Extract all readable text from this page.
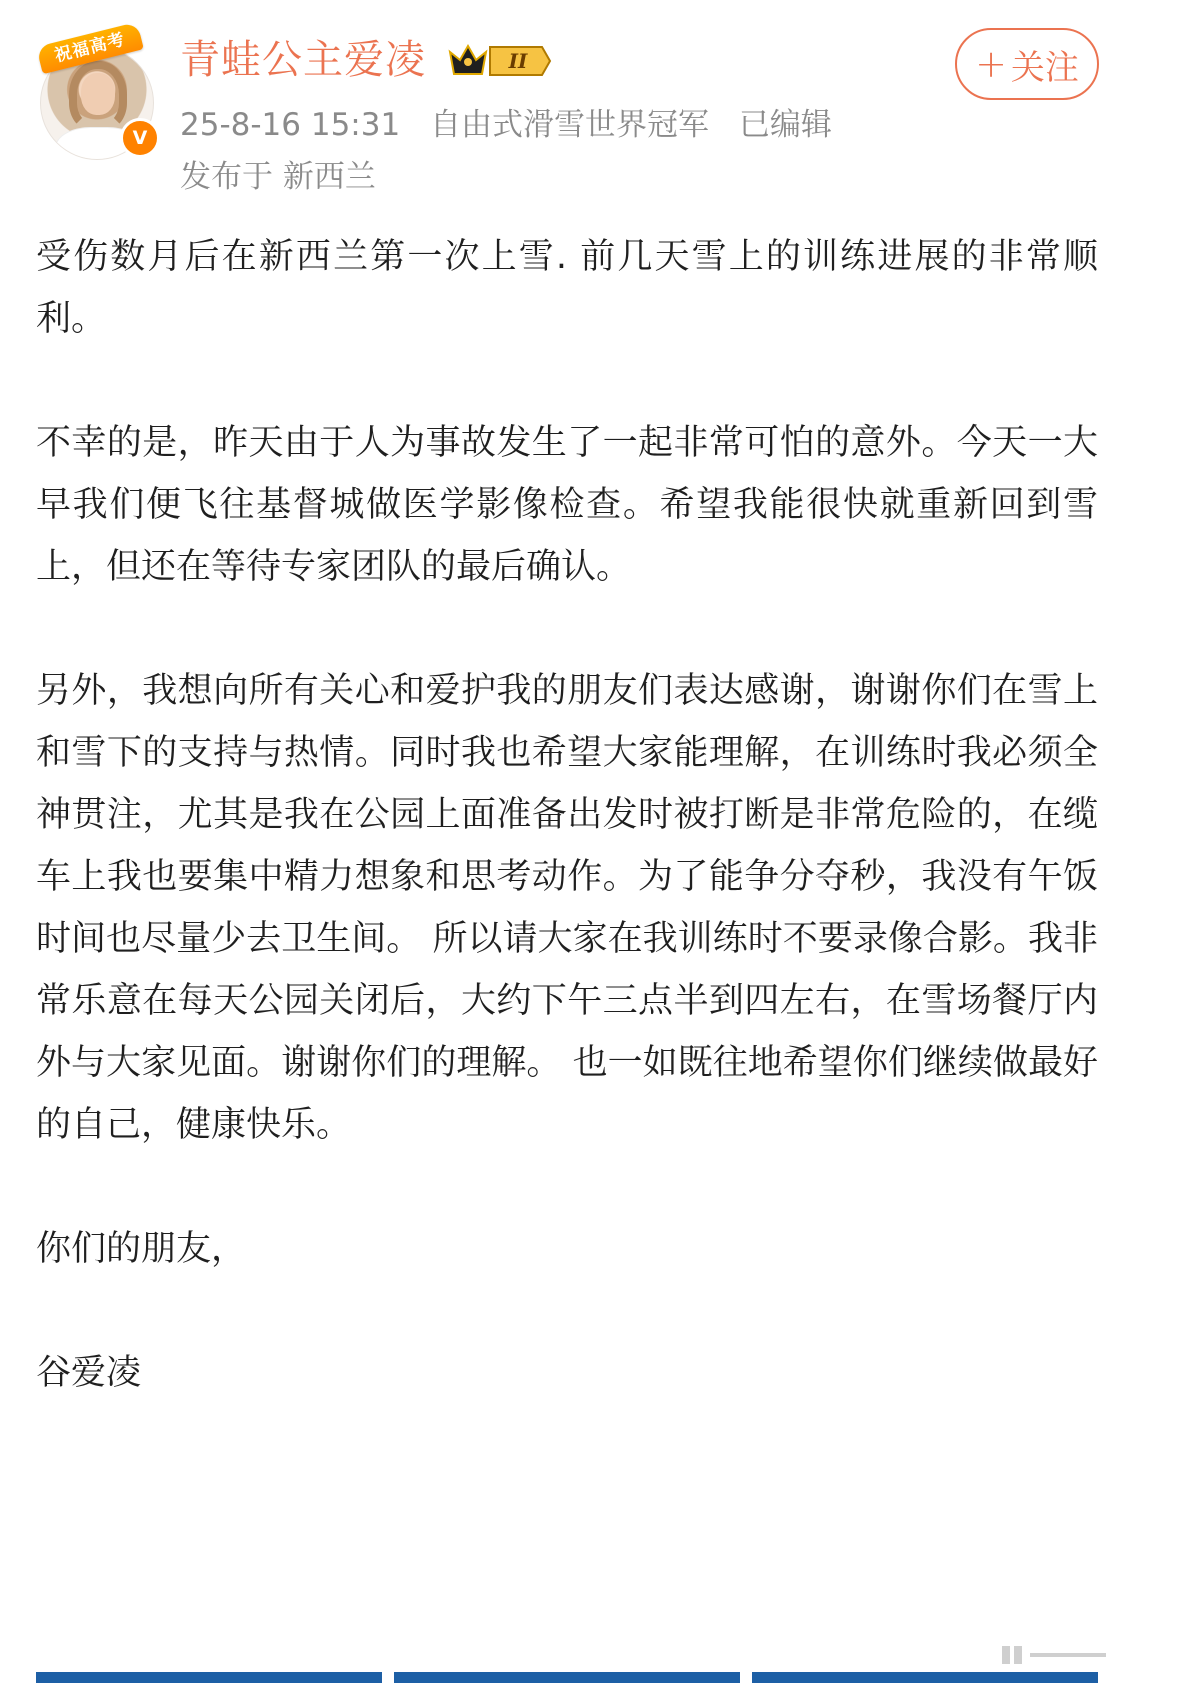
祝福高考
V
青蛙公主爱凌	II	+ 关注
25-8-16 15:31 自由式滑雪世界冠军 已编辑
发布于 新西兰

受伤数月后在新西兰第一次上雪. 前几天雪上的训练进展的非常顺利。

不幸的是，昨天由于人为事故发生了一起非常可怕的意外。今天一大早我们便飞往基督城做医学影像检查。希望我能很快就重新回到雪上，但还在等待专家团队的最后确认。

另外，我想向所有关心和爱护我的朋友们表达感谢，谢谢你们在雪上和雪下的支持与热情。同时我也希望大家能理解，在训练时我必须全神贯注，尤其是我在公园上面准备出发时被打断是非常危险的，在缆车上我也要集中精力想象和思考动作。为了能争分夺秒，我没有午饭时间也尽量少去卫生间。 所以请大家在我训练时不要录像合影。我非常乐意在每天公园关闭后，大约下午三点半到四左右，在雪场餐厅内外与大家见面。谢谢你们的理解。 也一如既往地希望你们继续做最好的自己，健康快乐。

你们的朋友，

谷爱凌
